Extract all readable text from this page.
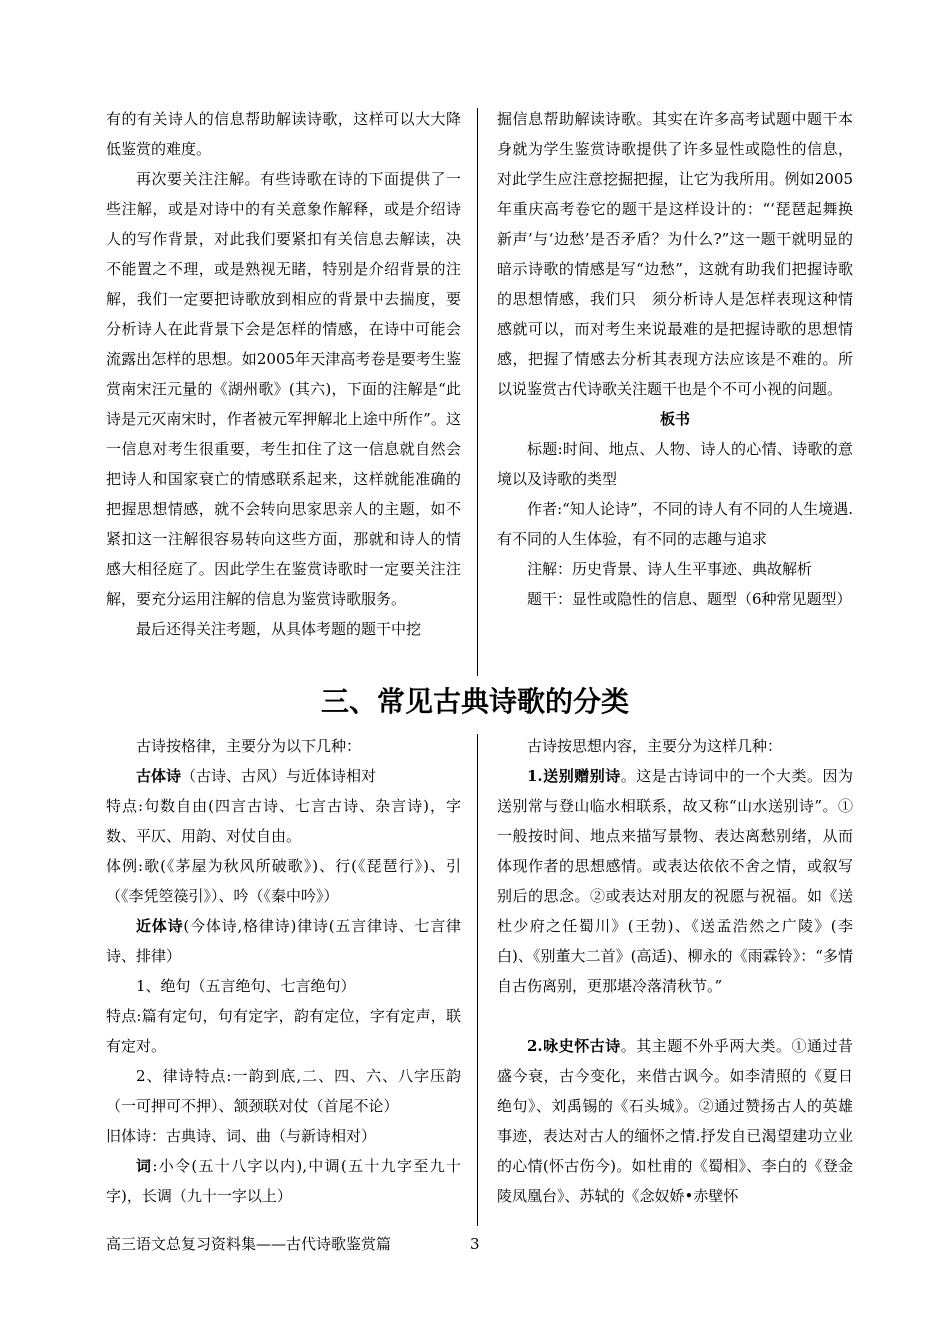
有的有关诗人的信息帮助解读诗歌，这样可以大大降低鉴赏的难度。

再次要关注注解。有些诗歌在诗的下面提供了一些注解，或是对诗中的有关意象作解释，或是介绍诗人的写作背景，对此我们要紧扣有关信息去解读，决不能置之不理，或是熟视无睹，特别是介绍背景的注解，我们一定要把诗歌放到相应的背景中去揣度，要分析诗人在此背景下会是怎样的情感，在诗中可能会流露出怎样的思想。如2005年天津高考卷是要考生鉴赏南宋汪元量的《湖州歌》(其六)，下面的注解是“此诗是元灭南宋时，作者被元军押解北上途中所作”。这一信息对考生很重要，考生扣住了这一信息就自然会把诗人和国家衰亡的情感联系起来，这样就能准确的把握思想情感，就不会转向思家思亲人的主题，如不紧扣这一注解很容易转向这些方面，那就和诗人的情感大相径庭了。因此学生在鉴赏诗歌时一定要关注注解，要充分运用注解的信息为鉴赏诗歌服务。

最后还得关注考题，从具体考题的题干中挖

掘信息帮助解读诗歌。其实在许多高考试题中题干本身就为学生鉴赏诗歌提供了许多显性或隐性的信息，对此学生应注意挖掘把握，让它为我所用。例如2005年重庆高考卷它的题干是这样设计的：“‘琵琶起舞换新声’与‘边愁’是否矛盾？为什么?”这一题干就明显的暗示诗歌的情感是写“边愁”，这就有助我们把握诗歌的思想情感，我们只　须分析诗人是怎样表现这种情感就可以，而对考生来说最难的是把握诗歌的思想情感，把握了情感去分析其表现方法应该是不难的。所以说鉴赏古代诗歌关注题干也是个不可小视的问题。

板书

标题:时间、地点、人物、诗人的心情、诗歌的意境以及诗歌的类型

作者:“知人论诗”，不同的诗人有不同的人生境遇.有不同的人生体验，有不同的志趣与追求

注解：历史背景、诗人生平事迹、典故解析

题干：显性或隐性的信息、题型（6种常见题型）

三、常见古典诗歌的分类

古诗按格律，主要分为以下几种：

古体诗（古诗、古风）与近体诗相对

特点:句数自由(四言古诗、七言古诗、杂言诗)，字数、平仄、用韵、对仗自由。

体例:歌(《茅屋为秋风所破歌》)、行(《琵琶行》)、引（《李凭箜篌引》）、吟（《秦中吟》）

近体诗(今体诗,格律诗)律诗(五言律诗、七言律诗、排律）

1、绝句（五言绝句、七言绝句）

特点:篇有定句，句有定字，韵有定位，字有定声，联有定对。

2、律诗特点:一韵到底,二、四、六、八字压韵（一可押可不押）、颔颈联对仗（首尾不论）

旧体诗：古典诗、词、曲（与新诗相对）

词:小令(五十八字以内),中调(五十九字至九十字)，长调（九十一字以上）

古诗按思想内容，主要分为这样几种：

1.送别赠别诗。这是古诗词中的一个大类。因为送别常与登山临水相联系，故又称“山水送别诗”。①一般按时间、地点来描写景物、表达离愁别绪，从而体现作者的思想感情。或表达依依不舍之情，或叙写别后的思念。②或表达对朋友的祝愿与祝福。如《送杜少府之任蜀川》(王勃)、《送孟浩然之广陵》(李白)、《别董大二首》(高适)、柳永的《雨霖铃》：“多情自古伤离别，更那堪冷落清秋节。”

2.咏史怀古诗。其主题不外乎两大类。①通过昔盛今衰，古今变化，来借古讽今。如李清照的《夏日绝句》、刘禹锡的《石头城》。②通过赞扬古人的英雄事迹，表达对古人的缅怀之情.抒发自已渴望建功立业的心情(怀古伤今)。如杜甫的《蜀相》、李白的《登金陵凤凰台》、苏轼的《念奴娇•赤壁怀

高三语文总复习资料集——古代诗歌鉴赏篇	3
